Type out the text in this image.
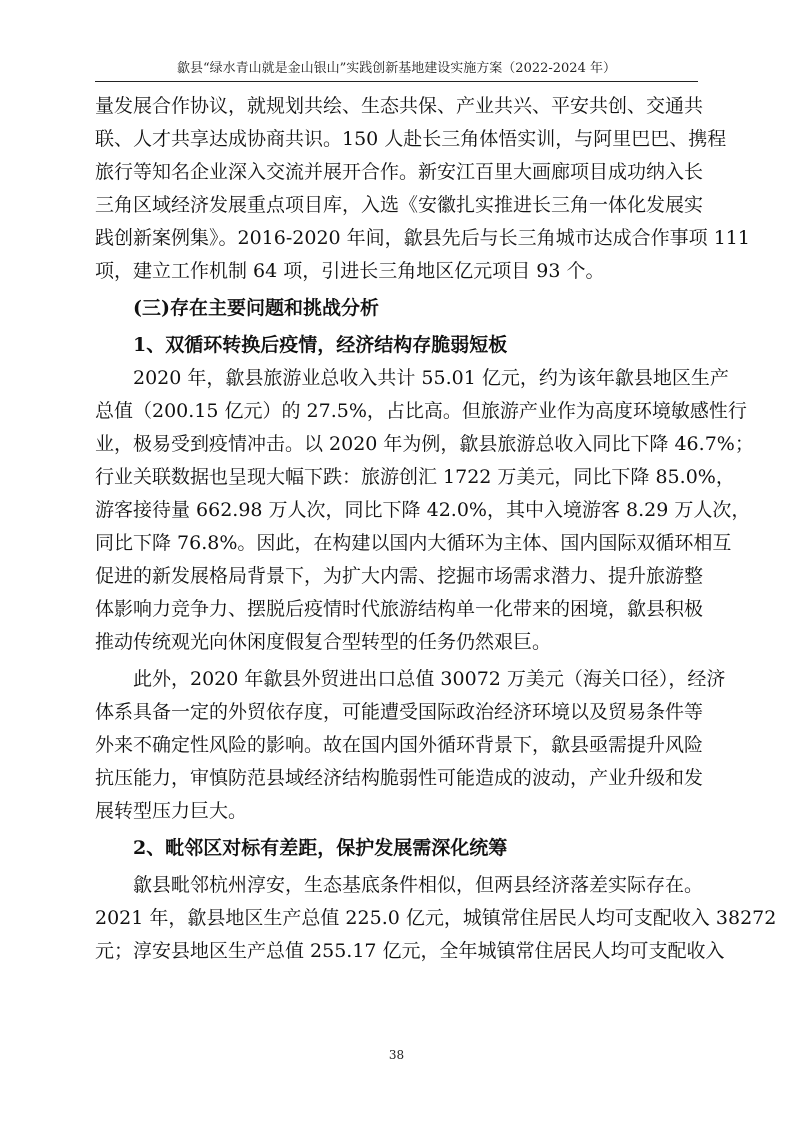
歙县“绿水青山就是金山银山”实践创新基地建设实施方案（2022-2024 年）

量发展合作协议，就规划共绘、生态共保、产业共兴、平安共创、交通共

联、人才共享达成协商共识。150 人赴长三角体悟实训，与阿里巴巴、携程

旅行等知名企业深入交流并展开合作。新安江百里大画廊项目成功纳入长

三角区域经济发展重点项目库，入选《安徽扎实推进长三角一体化发展实

践创新案例集》。2016-2020 年间，歙县先后与长三角城市达成合作事项 111

项，建立工作机制 64 项，引进长三角地区亿元项目 93 个。

(三)存在主要问题和挑战分析

1、双循环转换后疫情，经济结构存脆弱短板

2020 年，歙县旅游业总收入共计 55.01 亿元，约为该年歙县地区生产

总值（200.15 亿元）的 27.5%，占比高。但旅游产业作为高度环境敏感性行

业，极易受到疫情冲击。以 2020 年为例，歙县旅游总收入同比下降 46.7%；

行业关联数据也呈现大幅下跌：旅游创汇 1722 万美元，同比下降 85.0%，

游客接待量 662.98 万人次，同比下降 42.0%，其中入境游客 8.29 万人次，

同比下降 76.8%。因此，在构建以国内大循环为主体、国内国际双循环相互

促进的新发展格局背景下，为扩大内需、挖掘市场需求潜力、提升旅游整

体影响力竞争力、摆脱后疫情时代旅游结构单一化带来的困境，歙县积极

推动传统观光向休闲度假复合型转型的任务仍然艰巨。

此外，2020 年歙县外贸进出口总值 30072 万美元（海关口径），经济

体系具备一定的外贸依存度，可能遭受国际政治经济环境以及贸易条件等

外来不确定性风险的影响。故在国内国外循环背景下，歙县亟需提升风险

抗压能力，审慎防范县域经济结构脆弱性可能造成的波动，产业升级和发

展转型压力巨大。

2、毗邻区对标有差距，保护发展需深化统筹

歙县毗邻杭州淳安，生态基底条件相似，但两县经济落差实际存在。

2021 年，歙县地区生产总值 225.0 亿元，城镇常住居民人均可支配收入 38272

元；淳安县地区生产总值 255.17 亿元，全年城镇常住居民人均可支配收入

38
